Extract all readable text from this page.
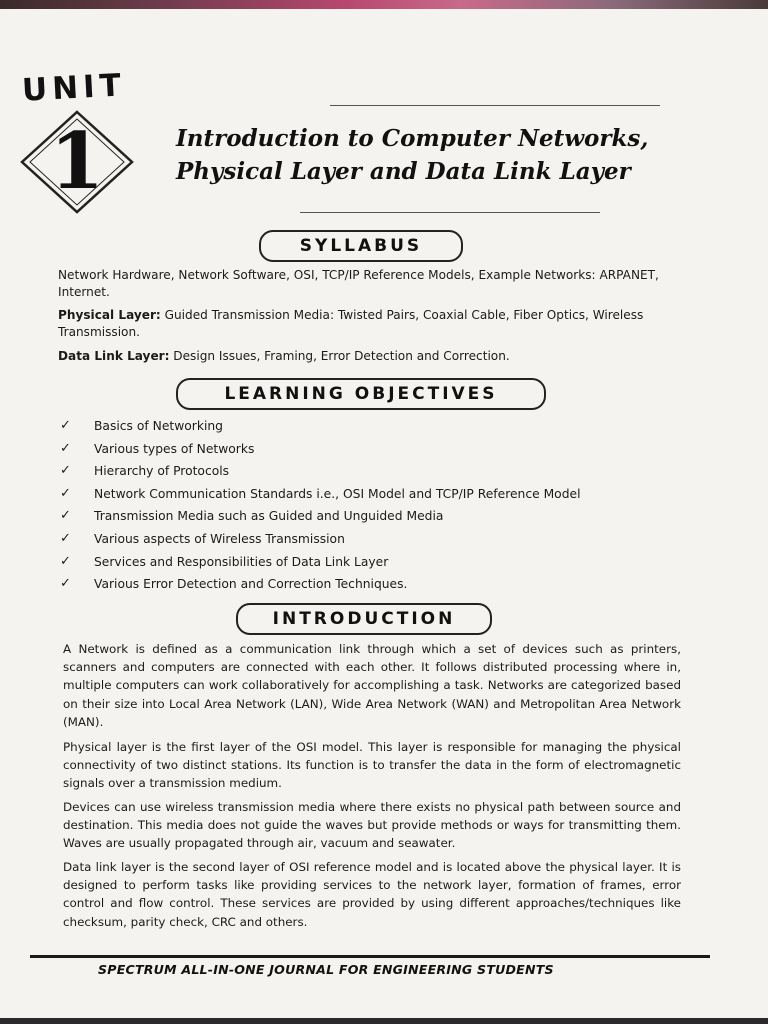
UNIT
1	Introduction to Computer Networks,
Physical Layer and Data Link Layer
SYLLABUS

Network Hardware, Network Software, OSI, TCP/IP Reference Models, Example Networks: ARPANET, Internet.

Physical Layer: Guided Transmission Media: Twisted Pairs, Coaxial Cable, Fiber Optics, Wireless Transmission.

Data Link Layer: Design Issues, Framing, Error Detection and Correction.

LEARNING OBJECTIVES
✓	Basics of Networking
✓	Various types of Networks
✓	Hierarchy of Protocols
✓	Network Communication Standards i.e., OSI Model and TCP/IP Reference Model
✓	Transmission Media such as Guided and Unguided Media
✓	Various aspects of Wireless Transmission
✓	Services and Responsibilities of Data Link Layer
✓	Various Error Detection and Correction Techniques.
INTRODUCTION

A Network is defined as a communication link through which a set of devices such as printers, scanners and computers are connected with each other. It follows distributed processing where in, multiple computers can work collaboratively for accomplishing a task. Networks are categorized based on their size into Local Area Network (LAN), Wide Area Network (WAN) and Metropolitan Area Network (MAN).

Physical layer is the first layer of the OSI model. This layer is responsible for managing the physical connectivity of two distinct stations. Its function is to transfer the data in the form of electromagnetic signals over a transmission medium.

Devices can use wireless transmission media where there exists no physical path between source and destination. This media does not guide the waves but provide methods or ways for transmitting them. Waves are usually propagated through air, vacuum and seawater.

Data link layer is the second layer of OSI reference model and is located above the physical layer. It is designed to perform tasks like providing services to the network layer, formation of frames, error control and flow control. These services are provided by using different approaches/techniques like checksum, parity check, CRC and others.

SPECTRUM ALL-IN-ONE JOURNAL FOR ENGINEERING STUDENTS
